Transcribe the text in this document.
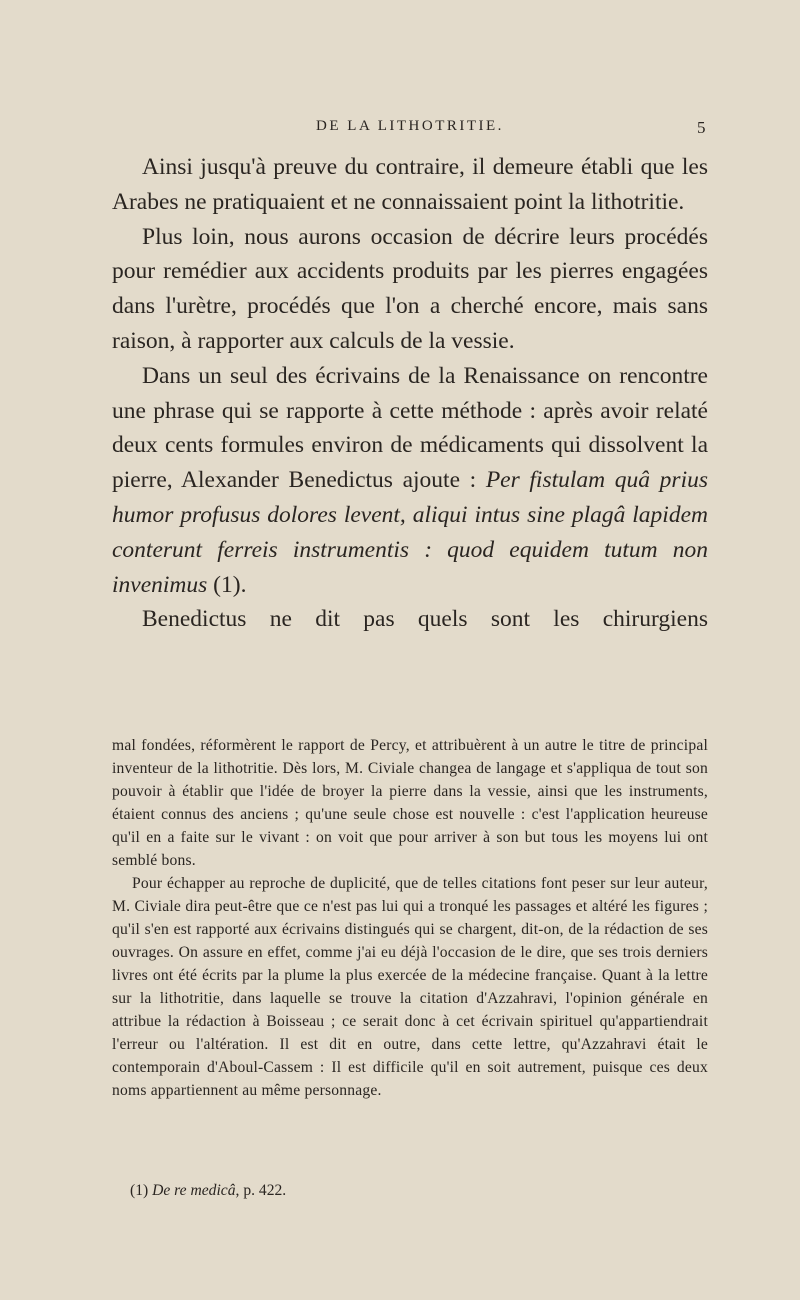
DE LA LITHOTRITIE.	5

Ainsi jusqu'à preuve du contraire, il demeure établi que les Arabes ne pratiquaient et ne connaissaient point la lithotritie.

Plus loin, nous aurons occasion de décrire leurs procédés pour remédier aux accidents produits par les pierres engagées dans l'urètre, procédés que l'on a cherché encore, mais sans raison, à rapporter aux calculs de la vessie.

Dans un seul des écrivains de la Renaissance on rencontre une phrase qui se rapporte à cette méthode : après avoir relaté deux cents formules environ de médicaments qui dissolvent la pierre, Alexander Benedictus ajoute : Per fistulam quâ prius humor profusus dolores levent, aliqui intus sine plagâ lapidem conterunt ferreis instrumentis : quod equidem tutum non invenimus (1).

Benedictus ne dit pas quels sont les chirurgiens

mal fondées, réformèrent le rapport de Percy, et attribuèrent à un autre le titre de principal inventeur de la lithotritie. Dès lors, M. Civiale changea de langage et s'appliqua de tout son pouvoir à établir que l'idée de broyer la pierre dans la vessie, ainsi que les instruments, étaient connus des anciens ; qu'une seule chose est nouvelle : c'est l'application heureuse qu'il en a faite sur le vivant : on voit que pour arriver à son but tous les moyens lui ont semblé bons.

Pour échapper au reproche de duplicité, que de telles citations font peser sur leur auteur, M. Civiale dira peut-être que ce n'est pas lui qui a tronqué les passages et altéré les figures ; qu'il s'en est rapporté aux écrivains distingués qui se chargent, dit-on, de la rédaction de ses ouvrages. On assure en effet, comme j'ai eu déjà l'occasion de le dire, que ses trois derniers livres ont été écrits par la plume la plus exercée de la médecine française. Quant à la lettre sur la lithotritie, dans laquelle se trouve la citation d'Azzahravi, l'opinion générale en attribue la rédaction à Boisseau ; ce serait donc à cet écrivain spirituel qu'appartiendrait l'erreur ou l'altération. Il est dit en outre, dans cette lettre, qu'Azzahravi était le contemporain d'Aboul-Cassem : Il est difficile qu'il en soit autrement, puisque ces deux noms appartiennent au même personnage.

(1) De re medicâ, p. 422.
